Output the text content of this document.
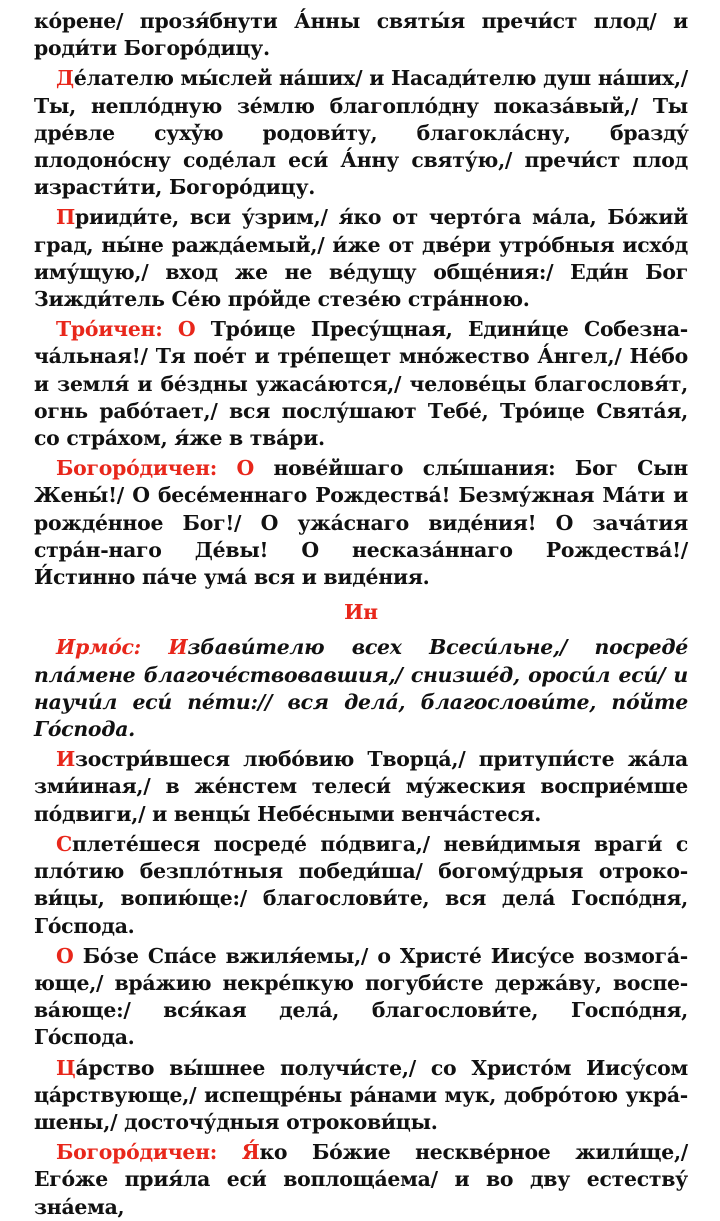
ко́рене/ прозя́бнути А́нны святы́я пречи́ст плод/ и роди́ти Богоро́дицу.

Де́лателю мы́слей на́ших/ и Насади́телю душ на́ших,/ Ты, непло́дную зе́млю благопло́дну показа́вый,/ Ты дре́вле сухý̀ю родови́ту, благокла́сну, браздý плодоно́сну соде́лал еси́ А́нну святу́ю,/ пречи́ст плод израсти́ти, Богоро́дицу.

Прииди́те, вси у́зрим,/ я́ко от черто́га ма́ла, Бо́жий град, ны́не ражда́емый,/ и́же от две́ри утро́бныя исхо́д иму́щую,/ вход же не ве́дущу обще́ния:/ Еди́н Бог Зижди́тель Се́ю про́йде стезе́ю стра́нною.

Тро́ичен: О Тро́ице Пресу́щная, Едини́це Собезна-ча́льная!/ Тя пое́т и тре́пещет мно́жество А́нгел,/ Не́бо и земля́ и бе́здны ужаса́ются,/ челове́цы благословя́т, огнь рабо́тает,/ вся послу́шают Тебе́, Тро́ице Свята́я, со стра́хом, я́же в тва́ри.

Богоро́дичен: О нове́йшаго слы́шания: Бог Сын Жены́!/ О бесе́меннаго Рождества́! Безму́жная Ма́ти и рожде́нное Бог!/ О ужа́снаго виде́ния! О зача́тия стра́н-наго Де́вы! О несказа́ннаго Рождества́!/ И́стинно па́че ума́ вся и виде́ния.

Ин

Ирмо́с: Избави́телю всех Всеси́льне,/ посреде́ пла́мене благоче́ствовавшия,/ снизше́д, ороси́л еси́/ и научи́л еси́ пе́ти:// вся дела́, благослови́те, по́йте Го́спода.

Изостри́вшеся любо́вию Творца́,/ притупи́сте жа́ла зми́иная,/ в же́нстем телеси́ му́жеския восприе́мше по́двиги,/ и венцы́ Небе́сными венча́стеся.

Сплете́шеся посреде́ по́двига,/ неви́димыя враги́ с пло́тию безпло́тныя победи́ша/ богому́дрыя отроко-ви́цы, вопию́ще:/ благослови́те, вся дела́ Госпо́дня, Го́спода.

О Бо́зе Спа́се вжиля́емы,/ о Христе́ Иису́се возмога́-юще,/ вра́жию некре́пкую погуби́сте держа́ву, воспе-ва́юще:/ вся́кая дела́, благослови́те, Госпо́дня, Го́спода.

Ца́рство вы́шнее получи́сте,/ со Христо́м Иису́сом ца́рствующе,/ испещре́ны ра́нами мук, добро́тою укра́-шены,/ досточу́дныя отрокови́цы.

Богоро́дичен: Я́ко Бо́жие нескве́рное жили́ще,/ Его́же прия́ла еси́ воплоща́ема/ и во дву естеству́ зна́ема,
